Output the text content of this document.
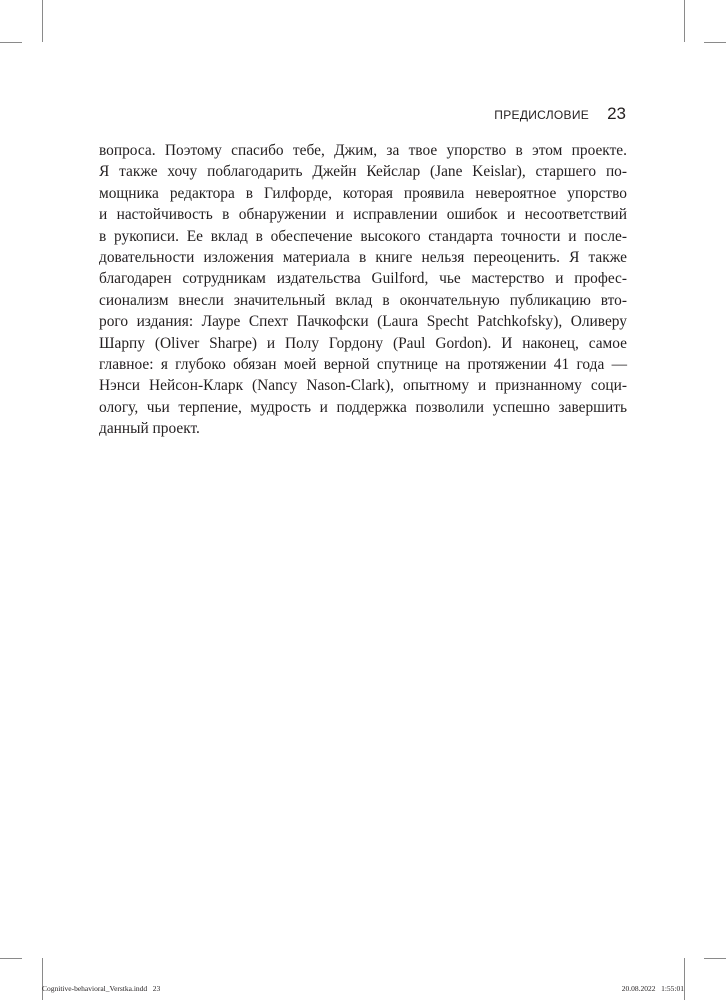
ПРЕДИСЛОВИЕ 23
вопроса. Поэтому спасибо тебе, Джим, за твое упорство в этом проекте.
Я также хочу поблагодарить Джейн Кейслар (Jane Keislar), старшего по-
мощника редактора в Гилфорде, которая проявила невероятное упорство
и настойчивость в обнаружении и исправлении ошибок и несоответствий
в рукописи. Ее вклад в обеспечение высокого стандарта точности и после-
довательности изложения материала в книге нельзя переоценить. Я также
благодарен сотрудникам издательства Guilford, чье мастерство и профес-
сионализм внесли значительный вклад в окончательную публикацию вто-
рого издания: Лауре Спехт Пачкофски (Laura Specht Patchkofsky), Оливеру
Шарпу (Oliver Sharpe) и Полу Гордону (Paul Gordon). И наконец, самое
главное: я глубоко обязан моей верной спутнице на протяжении 41 года —
Нэнси Нейсон-Кларк (Nancy Nason-Clark), опытному и признанному соци-
ологу, чьи терпение, мудрость и поддержка позволили успешно завершить
данный проект.
Cognitive-behavioral_Verstka.indd   23	20.08.2022   1:55:01
